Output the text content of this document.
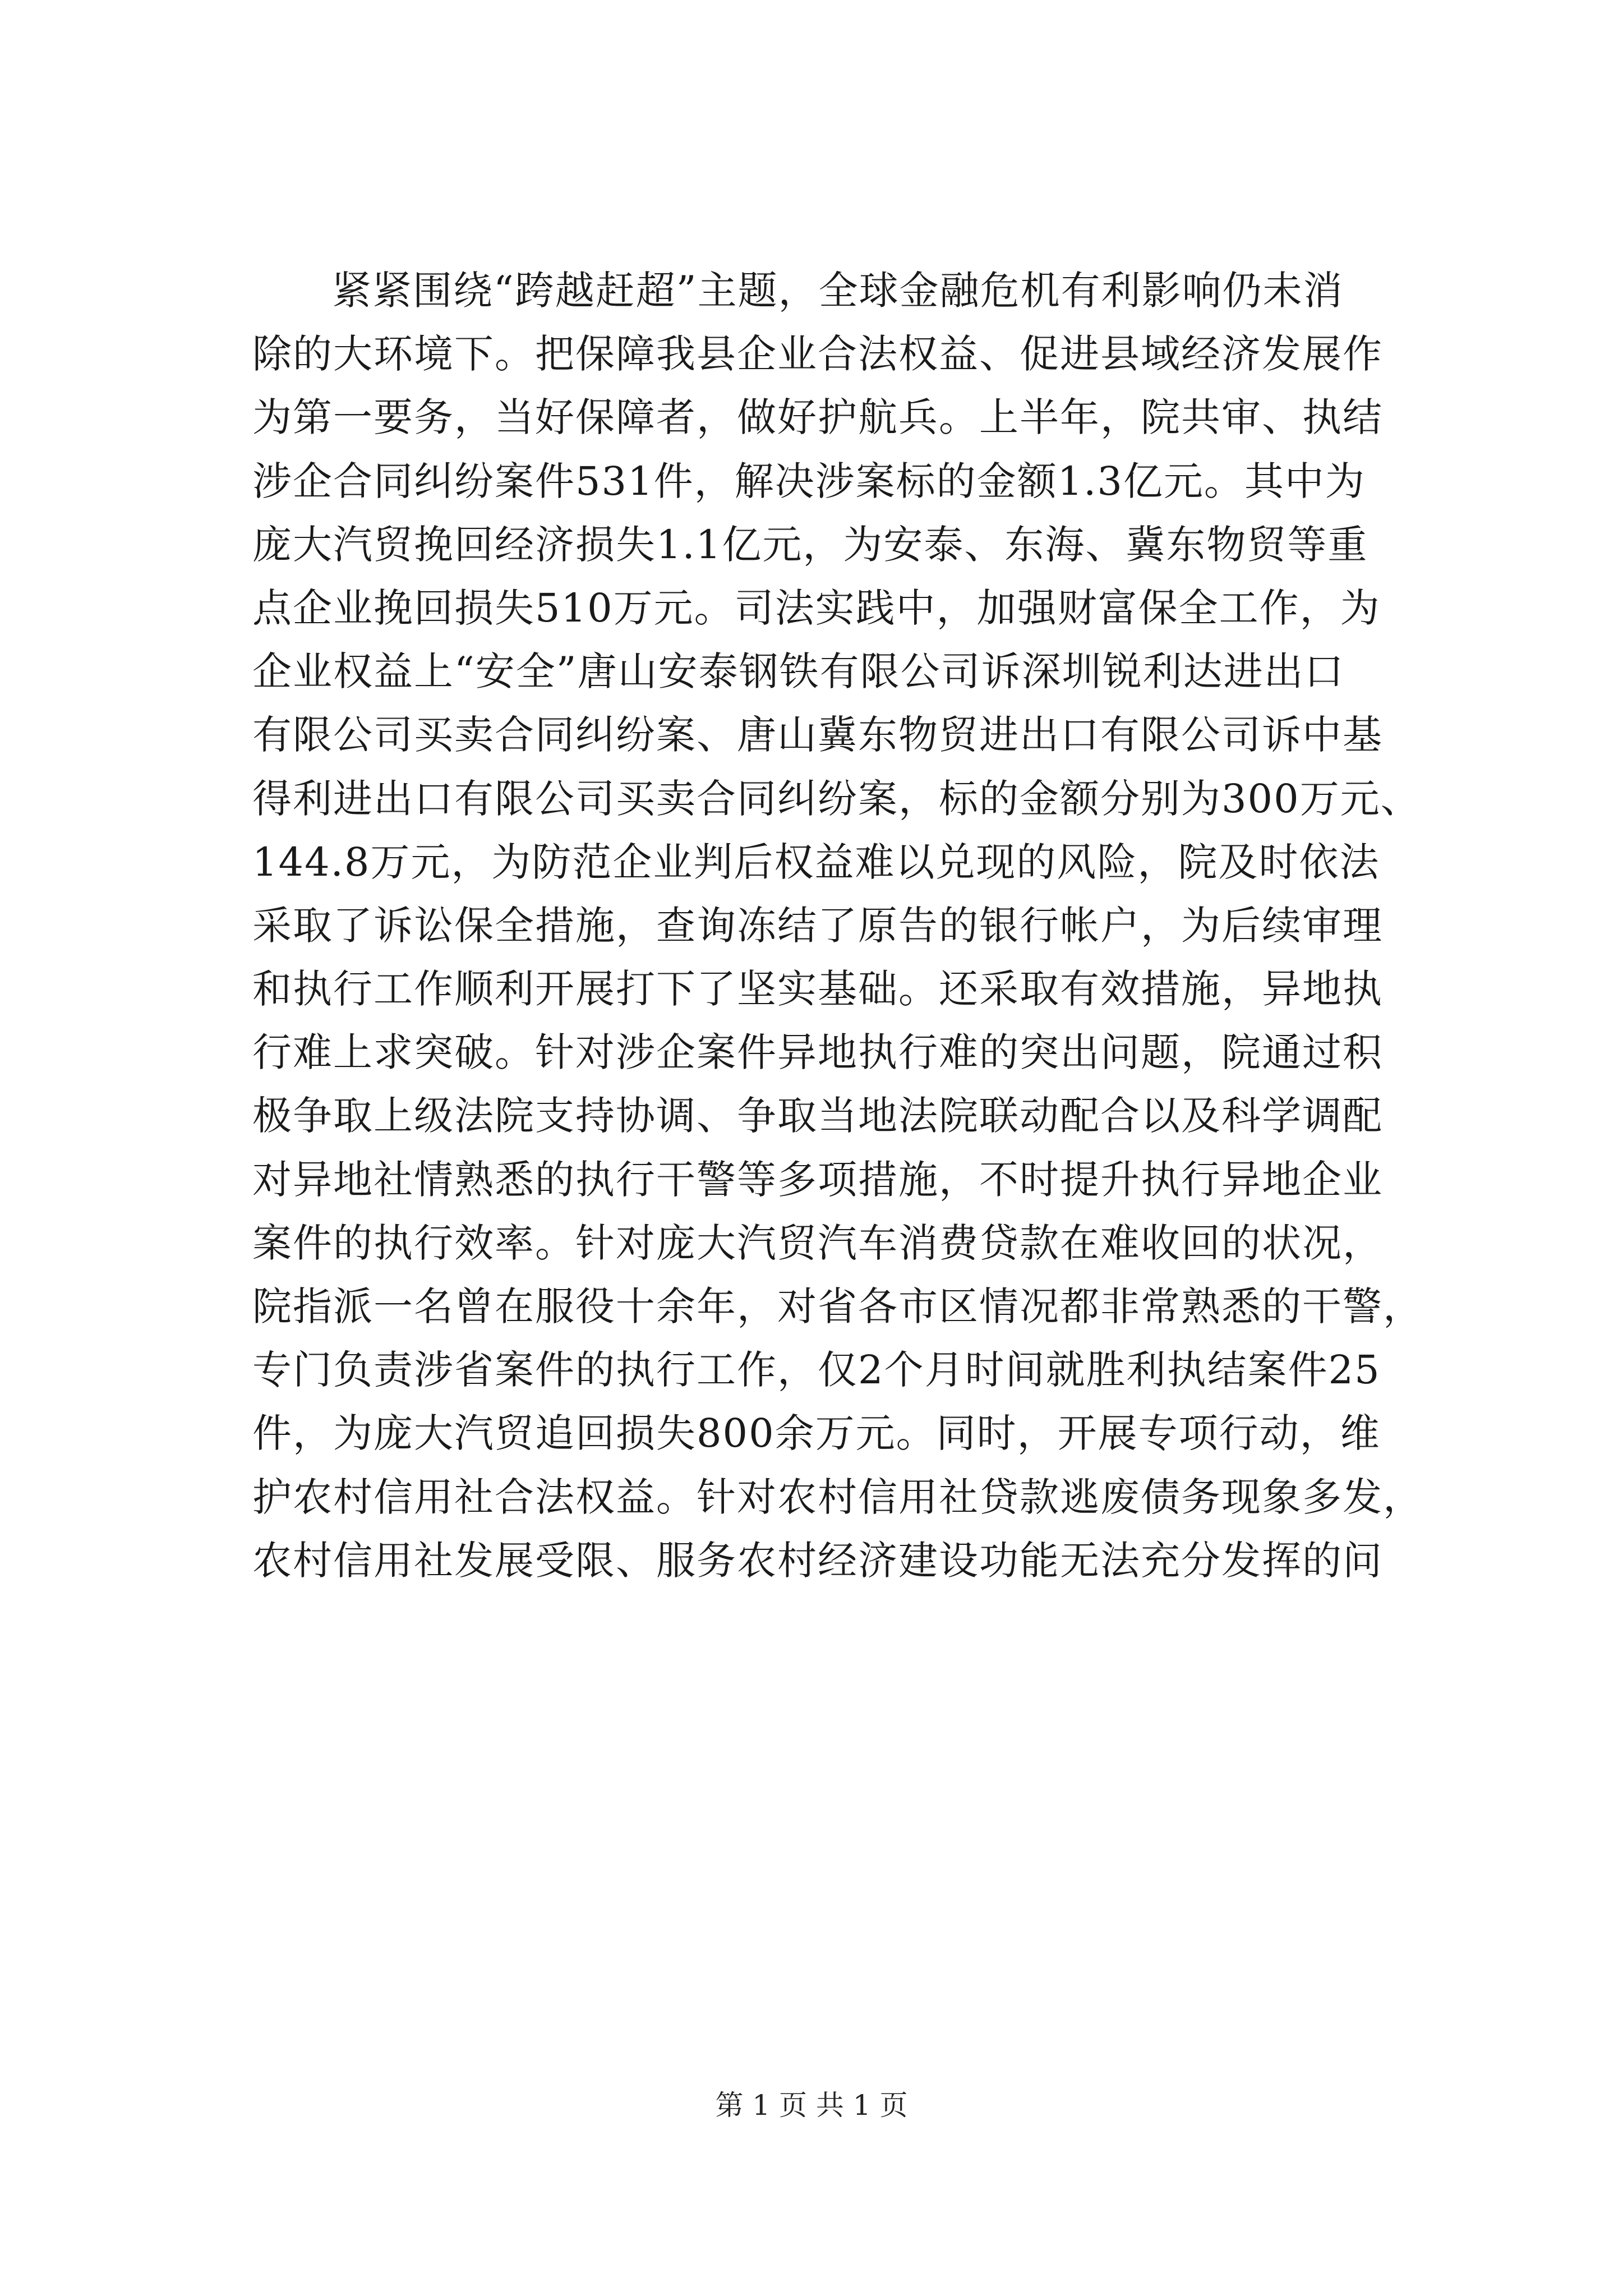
紧紧围绕“跨越赶超”主题，全球金融危机有利影响仍未消
除的大环境下。把保障我县企业合法权益、促进县域经济发展作
为第一要务，当好保障者，做好护航兵。上半年，院共审、执结
涉企合同纠纷案件531件，解决涉案标的金额1.3亿元。其中为
庞大汽贸挽回经济损失1.1亿元，为安泰、东海、冀东物贸等重
点企业挽回损失510万元。司法实践中，加强财富保全工作，为
企业权益上“安全”唐山安泰钢铁有限公司诉深圳锐利达进出口
有限公司买卖合同纠纷案、唐山冀东物贸进出口有限公司诉中基
得利进出口有限公司买卖合同纠纷案，标的金额分别为300万元、
144.8万元，为防范企业判后权益难以兑现的风险，院及时依法
采取了诉讼保全措施，查询冻结了原告的银行帐户，为后续审理
和执行工作顺利开展打下了坚实基础。还采取有效措施，异地执
行难上求突破。针对涉企案件异地执行难的突出问题，院通过积
极争取上级法院支持协调、争取当地法院联动配合以及科学调配
对异地社情熟悉的执行干警等多项措施，不时提升执行异地企业
案件的执行效率。针对庞大汽贸汽车消费贷款在难收回的状况，
院指派一名曾在服役十余年，对省各市区情况都非常熟悉的干警，
专门负责涉省案件的执行工作，仅2个月时间就胜利执结案件25
件，为庞大汽贸追回损失800余万元。同时，开展专项行动，维
护农村信用社合法权益。针对农村信用社贷款逃废债务现象多发，
农村信用社发展受限、服务农村经济建设功能无法充分发挥的问
第 1 页 共 1 页
